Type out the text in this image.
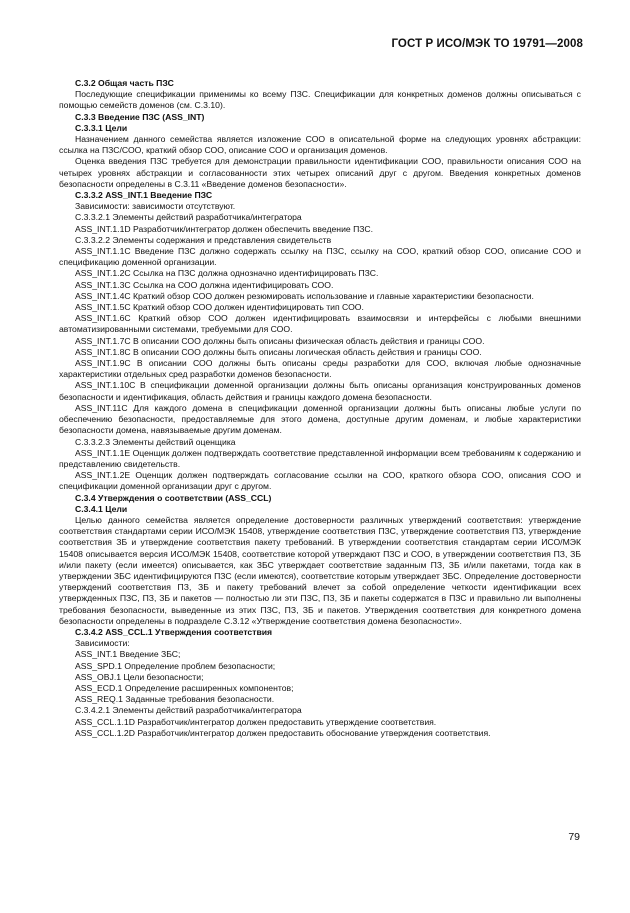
ГОСТ Р ИСО/МЭК ТО 19791—2008

С.3.2 Общая часть ПЗС

Последующие спецификации применимы ко всему ПЗС. Спецификации для конкретных доменов должны описываться с помощью семейств доменов (см. С.3.10).

С.3.3 Введение ПЗС (ASS_INT)

С.3.3.1 Цели

Назначением данного семейства является изложение СОО в описательной форме на следующих уровнях абстракции: ссылка на ПЗС/СОО, краткий обзор СОО, описание СОО и организация доменов.

Оценка введения ПЗС требуется для демонстрации правильности идентификации СОО, правильности описания СОО на четырех уровнях абстракции и согласованности этих четырех описаний друг с другом. Введения конкретных доменов безопасности определены в С.3.11 «Введение доменов безопасности».

С.3.3.2 ASS_INT.1 Введение ПЗС

Зависимости: зависимости отсутствуют.

С.3.3.2.1 Элементы действий разработчика/интегратора

ASS_INT.1.1D Разработчик/интегратор должен обеспечить введение ПЗС.

С.3.3.2.2 Элементы содержания и представления свидетельств

ASS_INT.1.1C Введение ПЗС должно содержать ссылку на ПЗС, ссылку на СОО, краткий обзор СОО, описание СОО и спецификацию доменной организации.

ASS_INT.1.2C Ссылка на ПЗС должна однозначно идентифицировать ПЗС.

ASS_INT.1.3C Ссылка на СОО должна идентифицировать СОО.

ASS_INT.1.4C Краткий обзор СОО должен резюмировать использование и главные характеристики безопасности.

ASS_INT.1.5C Краткий обзор СОО должен идентифицировать тип СОО.

ASS_INT.1.6C Краткий обзор СОО должен идентифицировать взаимосвязи и интерфейсы с любыми внешними автоматизированными системами, требуемыми для СОО.

ASS_INT.1.7C В описании СОО должны быть описаны физическая область действия и границы СОО.

ASS_INT.1.8C В описании СОО должны быть описаны логическая область действия и границы СОО.

ASS_INT.1.9C В описании СОО должны быть описаны среды разработки для СОО, включая любые однозначные характеристики отдельных сред разработки доменов безопасности.

ASS_INT.1.10C В спецификации доменной организации должны быть описаны организация конструированных доменов безопасности и идентификация, область действия и границы каждого домена безопасности.

ASS_INT.11C Для каждого домена в спецификации доменной организации должны быть описаны любые услуги по обеспечению безопасности, предоставляемые для этого домена, доступные другим доменам, и любые характеристики безопасности домена, навязываемые другим доменам.

С.3.3.2.3 Элементы действий оценщика

ASS_INT.1.1E Оценщик должен подтверждать соответствие представленной информации всем требованиям к содержанию и представлению свидетельств.

ASS_INT.1.2E Оценщик должен подтверждать согласование ссылки на СОО, краткого обзора СОО, описания СОО и спецификации доменной организации друг с другом.

С.3.4 Утверждения о соответствии (ASS_CCL)

С.3.4.1 Цели

Целью данного семейства является определение достоверности различных утверждений соответствия: утверждение соответствия стандартами серии ИСО/МЭК 15408, утверждение соответствия ПЗС, утверждение соответствия ПЗ, утверждение соответствия ЗБ и утверждение соответствия пакету требований. В утверждении соответствия стандартам серии ИСО/МЭК 15408 описывается версия ИСО/МЭК 15408, соответствие которой утверждают ПЗС и СОО, в утверждении соответствия ПЗ, ЗБ и/или пакету (если имеется) описывается, как ЗБС утверждает соответствие заданным ПЗ, ЗБ и/или пакетами, тогда как в утверждении ЗБС идентифицируются ПЗС (если имеются), соответствие которым утверждает ЗБС. Определение достоверности утверждений соответствия ПЗ, ЗБ и пакету требований влечет за собой определение четкости идентификации всех утвержденных ПЗС, ПЗ, ЗБ и пакетов — полностью ли эти ПЗС, ПЗ, ЗБ и пакеты содержатся в ПЗС и правильно ли выполнены требования безопасности, выведенные из этих ПЗС, ПЗ, ЗБ и пакетов. Утверждения соответствия для конкретного домена безопасности определены в подразделе С.3.12 «Утверждение соответствия домена безопасности».

С.3.4.2 ASS_CCL.1 Утверждения соответствия

Зависимости:

ASS_INT.1 Введение ЗБС;

ASS_SPD.1 Определение проблем безопасности;

ASS_OBJ.1 Цели безопасности;

ASS_ECD.1 Определение расширенных компонентов;

ASS_REQ.1 Заданные требования безопасности.

С.3.4.2.1 Элементы действий разработчика/интегратора

ASS_CCL.1.1D Разработчик/интегратор должен предоставить утверждение соответствия.

ASS_CCL.1.2D Разработчик/интегратор должен предоставить обоснование утверждения соответствия.

79
